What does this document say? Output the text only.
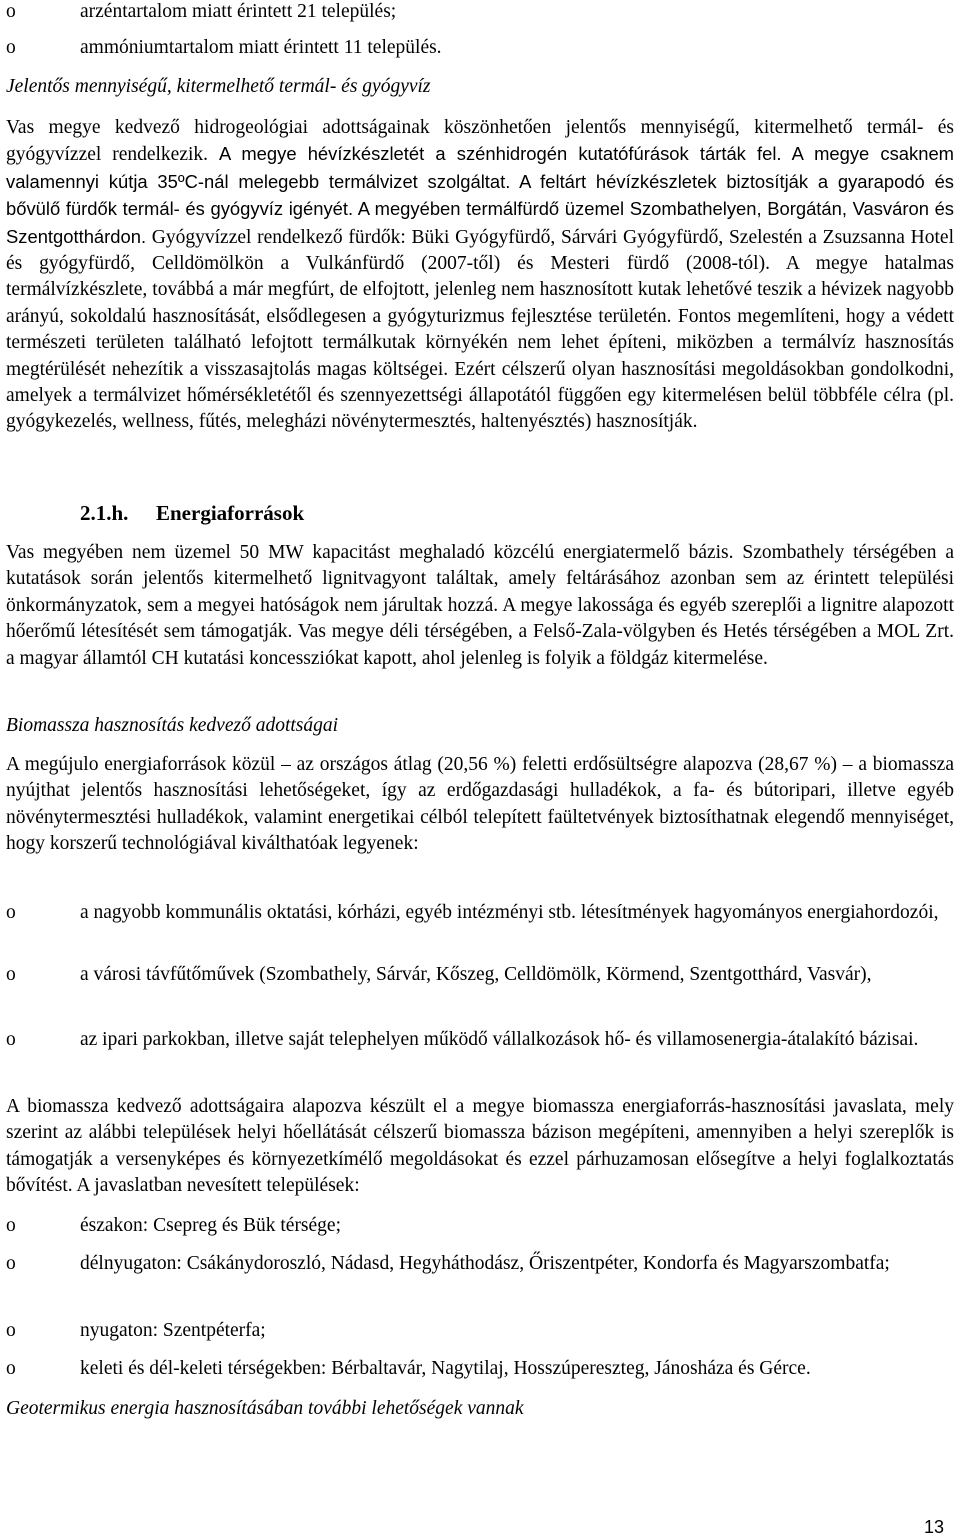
o	arzéntartalom miatt érintett 21 település;
o	ammóniumtartalom miatt érintett 11 település.

Jelentős mennyiségű, kitermelhető termál- és gyógyvíz

Vas megye kedvező hidrogeológiai adottságainak köszönhetően jelentős mennyiségű, kitermelhető termál- és gyógyvízzel rendelkezik. A megye hévízkészletét a szénhidrogén kutatófúrások tárták fel. A megye csaknem valamennyi kútja 35ºC-nál melegebb termálvizet szolgáltat. A feltárt hévízkészletek biztosítják a gyarapodó és bővülő fürdők termál- és gyógyvíz igényét. A megyében termálfürdő üzemel Szombathelyen, Borgátán, Vasváron és Szentgotthárdon. Gyógyvízzel rendelkező fürdők: Büki Gyógyfürdő, Sárvári Gyógyfürdő, Szelestén a Zsuzsanna Hotel és gyógyfürdő, Celldömölkön a Vulkánfürdő (2007-től) és Mesteri fürdő (2008-tól). A megye hatalmas termálvízkészlete, továbbá a már megfúrt, de elfojtott, jelenleg nem hasznosított kutak lehetővé teszik a hévizek nagyobb arányú, sokoldalú hasznosítását, elsődlegesen a gyógyturizmus fejlesztése területén. Fontos megemlíteni, hogy a védett természeti területen található lefojtott termálkutak környékén nem lehet építeni, miközben a termálvíz hasznosítás megtérülését nehezítik a visszasajtolás magas költségei. Ezért célszerű olyan hasznosítási megoldásokban gondolkodni, amelyek a termálvizet hőmérsékletétől és szennyezettségi állapotától függően egy kitermelésen belül többféle célra (pl. gyógykezelés, wellness, fűtés, melegházi növénytermesztés, haltenyésztés) hasznosítják.

2.1.h. Energiaforrások

Vas megyében nem üzemel 50 MW kapacitást meghaladó közcélú energiatermelő bázis. Szombathely térségében a kutatások során jelentős kitermelhető lignitvagyont találtak, amely feltárásához azonban sem az érintett települési önkormányzatok, sem a megyei hatóságok nem járultak hozzá. A megye lakossága és egyéb szereplői a lignitre alapozott hőerőmű létesítését sem támogatják. Vas megye déli térségében, a Felső-Zala-völgyben és Hetés térségében a MOL Zrt. a magyar államtól CH kutatási koncessziókat kapott, ahol jelenleg is folyik a földgáz kitermelése.

Biomassza hasznosítás kedvező adottságai

A megújulo energiaforrások közül – az országos átlag (20,56 %) feletti erdősültségre alapozva (28,67 %) – a biomassza nyújthat jelentős hasznosítási lehetőségeket, így az erdőgazdasági hulladékok, a fa- és bútoripari, illetve egyéb növénytermesztési hulladékok, valamint energetikai célból telepített faültetvények biztosíthatnak elegendő mennyiséget, hogy korszerű technológiával kiválthatóak legyenek:

o	a nagyobb kommunális oktatási, kórházi, egyéb intézményi stb. létesítmények hagyományos energiahordozói,
o	a városi távfűtőművek (Szombathely, Sárvár, Kőszeg, Celldömölk, Körmend, Szentgotthárd, Vasvár),
o	az ipari parkokban, illetve saját telephelyen működő vállalkozások hő- és villamosenergia-átalakító bázisai.

A biomassza kedvező adottságaira alapozva készült el a megye biomassza energiaforrás-hasznosítási javaslata, mely szerint az alábbi települések helyi hőellátását célszerű biomassza bázison megépíteni, amennyiben a helyi szereplők is támogatják a versenyképes és környezetkímélő megoldásokat és ezzel párhuzamosan elősegítve a helyi foglalkoztatás bővítést. A javaslatban nevesített települések:

o	északon: Csepreg és Bük térsége;
o	délnyugaton: Csákánydoroszló, Nádasd, Hegyháthodász, Őriszentpéter, Kondorfa és Magyarszombatfa;
o	nyugaton: Szentpéterfa;
o	keleti és dél-keleti térségekben: Bérbaltavár, Nagytilaj, Hosszúpereszteg, Jánosháza és Gérce.

Geotermikus energia hasznosításában további lehetőségek vannak

13
